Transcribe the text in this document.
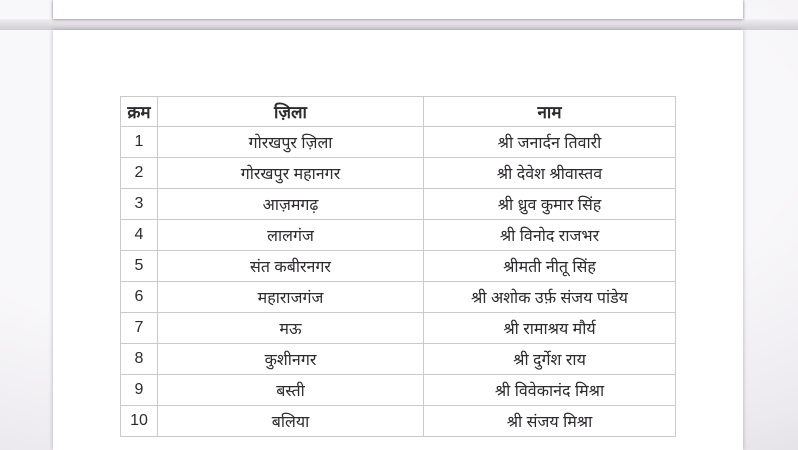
क्रम	ज़िला	नाम
1	गोरखपुर ज़िला	श्री जनार्दन तिवारी
2	गोरखपुर महानगर	श्री देवेश श्रीवास्तव
3	आज़मगढ़	श्री ध्रुव कुमार सिंह
4	लालगंज	श्री विनोद राजभर
5	संत कबीरनगर	श्रीमती नीतू सिंह
6	महाराजगंज	श्री अशोक उर्फ़ संजय पांडेय
7	मऊ	श्री रामाश्रय मौर्य
8	कुशीनगर	श्री दुर्गेश राय
9	बस्ती	श्री विवेकानंद मिश्रा
10	बलिया	श्री संजय मिश्रा
